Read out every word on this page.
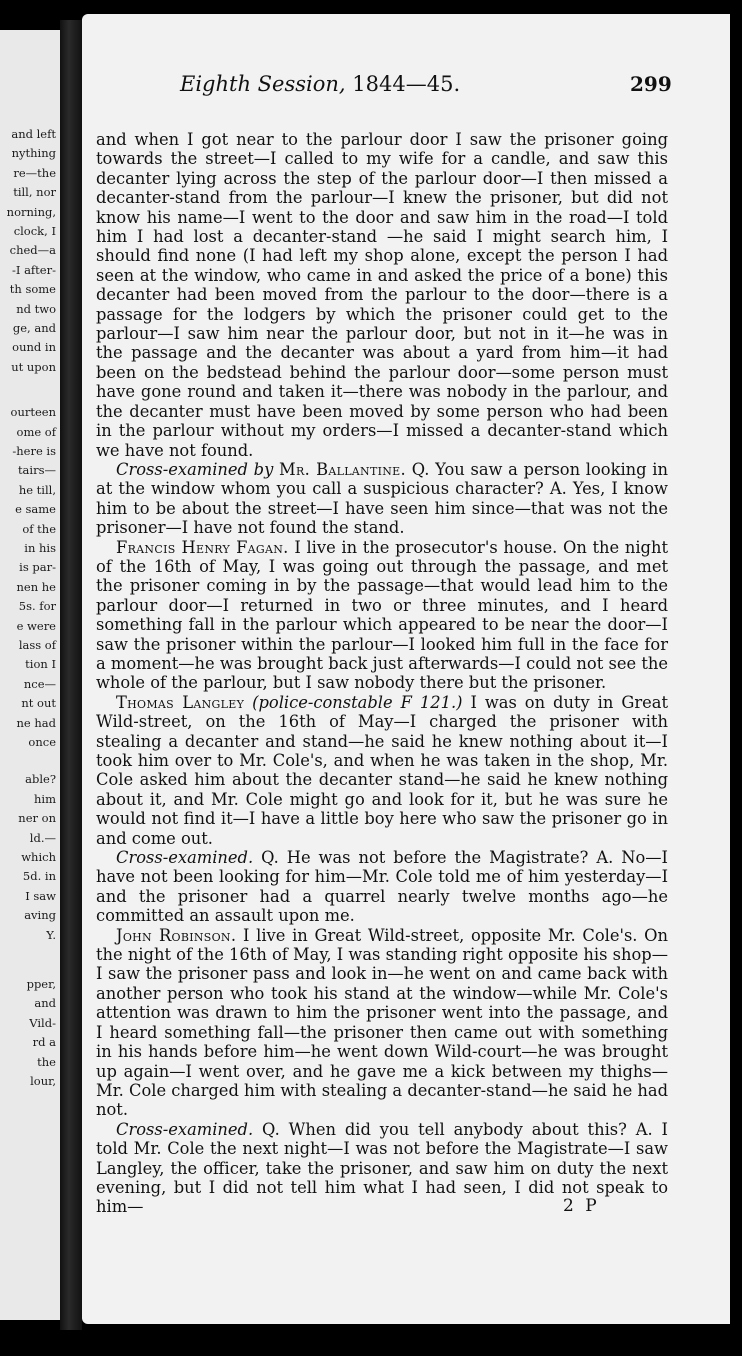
and left
nything
re—the
till, nor
norning,
clock, I
ched—a
-I after-
th some
nd two
ge, and
ound in
ut upon
ourteen
ome of
-here is
tairs—
he till,
e same
of the
in his
is par-
nen he
5s. for
e were
lass of
tion I
nce—
nt out
ne had
once
able?
him
ner on
ld.—
which
5d. in
I saw
aving
Y.
pper,
and
Vild-
rd a
the
lour,
Eighth Session, 1844—45.	299

and when I got near to the parlour door I saw the prisoner going towards the street—I called to my wife for a candle, and saw this decanter lying across the step of the parlour door—I then missed a decanter-stand from the parlour—I knew the prisoner, but did not know his name—I went to the door and saw him in the road—I told him I had lost a decanter-stand —he said I might search him, I should find none (I had left my shop alone, except the person I had seen at the window, who came in and asked the price of a bone) this decanter had been moved from the parlour to the door—there is a passage for the lodgers by which the prisoner could get to the parlour—I saw him near the parlour door, but not in it—he was in the passage and the decanter was about a yard from him—it had been on the bedstead behind the parlour door—some person must have gone round and taken it—there was nobody in the parlour, and the decanter must have been moved by some person who had been in the parlour without my orders—I missed a decanter-stand which we have not found.

Cross-examined by Mr. Ballantine. Q. You saw a person looking in at the window whom you call a suspicious character? A. Yes, I know him to be about the street—I have seen him since—that was not the prisoner—I have not found the stand.

Francis Henry Fagan. I live in the prosecutor's house. On the night of the 16th of May, I was going out through the passage, and met the prisoner coming in by the passage—that would lead him to the parlour door—I returned in two or three minutes, and I heard something fall in the parlour which appeared to be near the door—I saw the prisoner within the parlour—I looked him full in the face for a moment—he was brought back just afterwards—I could not see the whole of the parlour, but I saw nobody there but the prisoner.

Thomas Langley (police-constable F 121.) I was on duty in Great Wild-street, on the 16th of May—I charged the prisoner with stealing a decanter and stand—he said he knew nothing about it—I took him over to Mr. Cole's, and when he was taken in the shop, Mr. Cole asked him about the decanter stand—he said he knew nothing about it, and Mr. Cole might go and look for it, but he was sure he would not find it—I have a little boy here who saw the prisoner go in and come out.

Cross-examined. Q. He was not before the Magistrate? A. No—I have not been looking for him—Mr. Cole told me of him yesterday—I and the prisoner had a quarrel nearly twelve months ago—he committed an assault upon me.

John Robinson. I live in Great Wild-street, opposite Mr. Cole's. On the night of the 16th of May, I was standing right opposite his shop—I saw the prisoner pass and look in—he went on and came back with another person who took his stand at the window—while Mr. Cole's attention was drawn to him the prisoner went into the passage, and I heard something fall—the prisoner then came out with something in his hands before him—he went down Wild-court—he was brought up again—I went over, and he gave me a kick between my thighs—Mr. Cole charged him with stealing a decanter-stand—he said he had not.

Cross-examined. Q. When did you tell anybody about this? A. I told Mr. Cole the next night—I was not before the Magistrate—I saw Langley, the officer, take the prisoner, and saw him on duty the next evening, but I did not tell him what I had seen, I did not speak to him—	2 P
